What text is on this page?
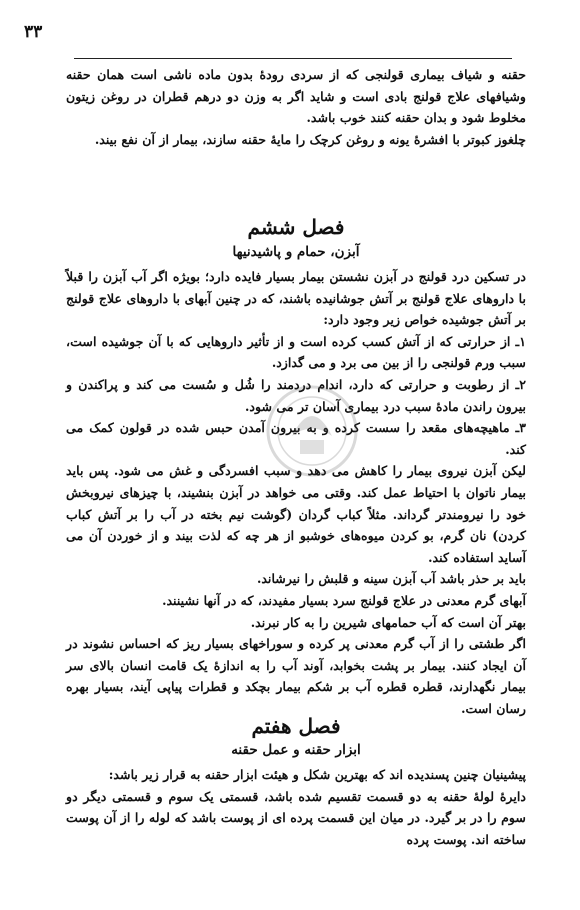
۳۳

حقنه و شیاف بیماری قولنجی که از سردی رودهٔ بدون ماده ناشی است همان حقنه وشیافهای علاج قولنج بادی است و شاید اگر به وزن دو درهم قطران در روغن زیتون مخلوط شود و بدان حقنه کنند خوب باشد.

چلغوز کبوتر با افشرهٔ یونه و روغن کرچک را مایهٔ حقنه سازند، بیمار از آن نفع بیند.

فصل ششم
آبزن، حمام و پاشیدنیها

در تسکین درد قولنج در آبزن نشستن بیمار بسیار فایده دارد؛ بویژه اگر آب آبزن را قبلاً با داروهای علاج قولنج بر آتش جوشانیده باشند، که در چنین آبهای با داروهای علاج قولنج بر آتش جوشیده خواص زیر وجود دارد:

۱ـ از حرارتی که از آتش کسب کرده است و از تأثیر داروهایی که با آن جوشیده است، سبب ورم قولنجی را از بین می برد و می گدازد.

۲ـ از رطوبت و حرارتی که دارد، اندام دردمند را شُل و سُست می کند و پراکندن و بیرون راندن مادهٔ سبب درد بیماری آسان تر می شود.

۳ـ ماهیچه‌های مقعد را سست کرده و به بیرون آمدن حبس شده در قولون کمک می کند.

لیکن آبزن نیروی بیمار را کاهش می دهد و سبب افسردگی و غش می شود. پس باید بیمار ناتوان با احتیاط عمل کند. وقتی می خواهد در آبزن بنشیند، با چیزهای نیروبخش خود را نیرومندتر گرداند. مثلاً کباب گردان (گوشت نیم بخته در آب را بر آتش کباب کردن) نان گرم، بو کردن میوه‌های خوشبو از هر چه که لذت بیند و از خوردن آن می آساید استفاده کند.

باید بر حذر باشد آب آبزن سینه و قلبش را نیرشاند.

آبهای گرم معدنی در علاج قولنج سرد بسیار مفیدند، که در آنها نشینند.

بهتر آن است که آب حمامهای شیرین را به کار نبرند.

اگر طشتی را از آب گرم معدنی پر کرده و سوراخهای بسیار ریز که احساس نشوند در آن ایجاد کنند. بیمار بر پشت بخوابد، آوند آب را به اندازهٔ یک قامت انسان بالای سر بیمار نگهدارند، قطره قطره آب بر شکم بیمار بچکد و قطرات پیاپی آیند، بسیار بهره رسان است.

فصل هفتم
ابزار حقنه و عمل حقنه

پیشینیان چنین پسندیده اند که بهترین شکل و هیئت ابزار حقنه به قرار زیر باشد:

دایرهٔ لولهٔ حقنه به دو قسمت تقسیم شده باشد، قسمتی یک سوم و قسمتی دیگر دو سوم را در بر گیرد. در میان این قسمت پرده ای از پوست باشد که لوله را از آن پوست ساخته اند. پوست پرده
